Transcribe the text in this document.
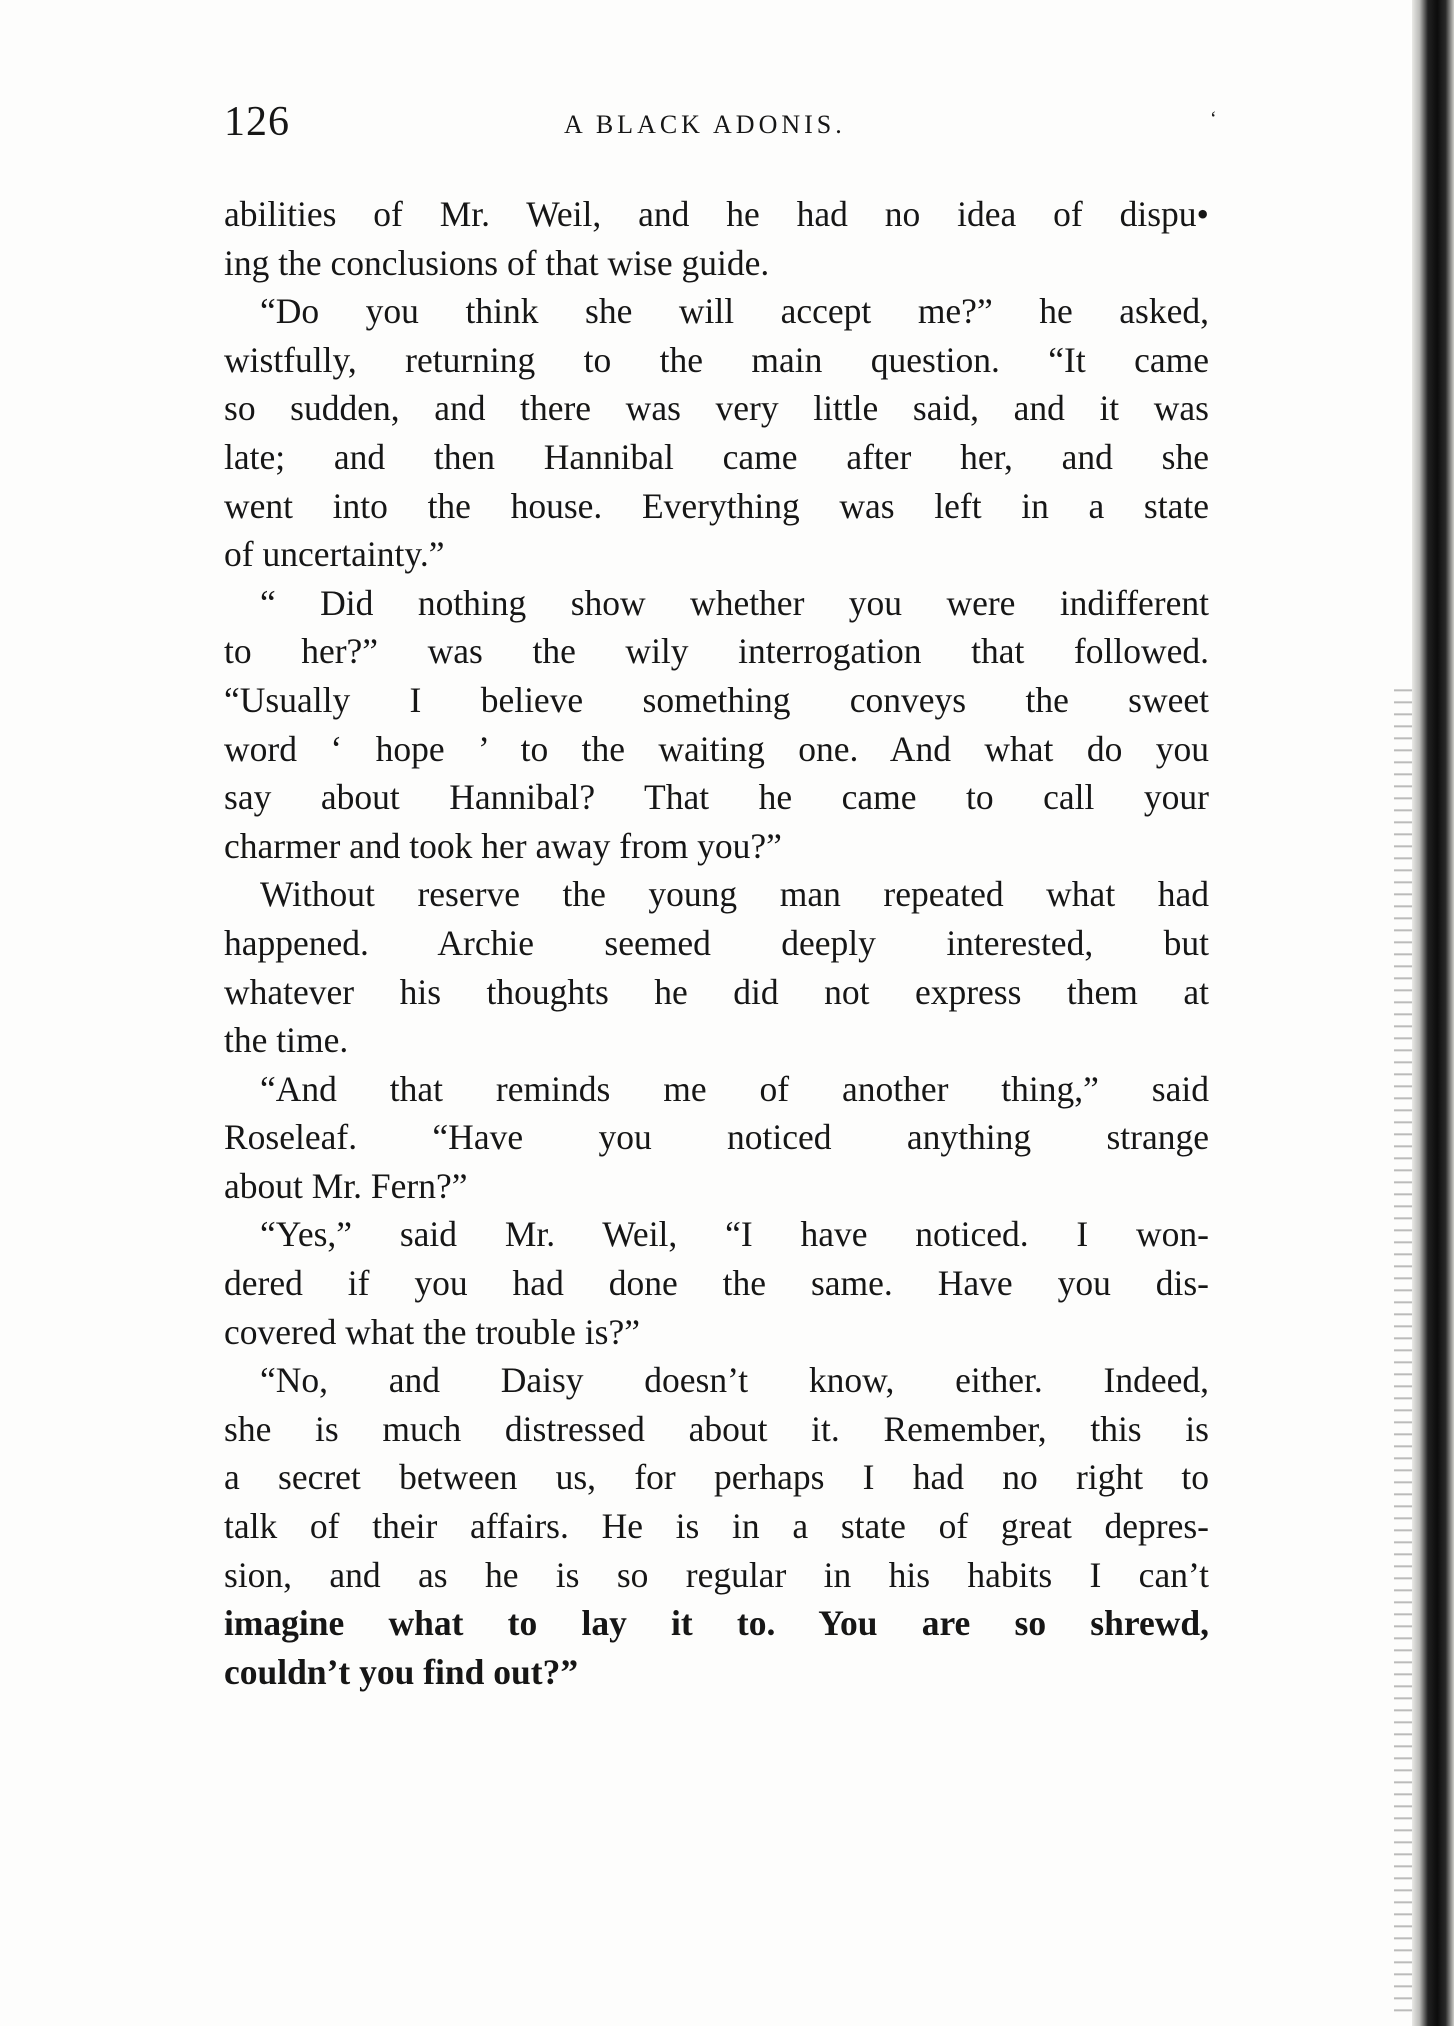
126	A BLACK ADONIS.	‘
abilities of Mr. Weil, and he had no idea of dispu•
ing the conclusions of that wise guide.
“Do you think she will accept me?” he asked,
wistfully, returning to the main question. “It came
so sudden, and there was very little said, and it was
late; and then Hannibal came after her, and she
went into the house. Everything was left in a state
of uncertainty.”
“ Did nothing show whether you were indifferent
to her?” was the wily interrogation that followed.
“Usually I believe something conveys the sweet
word ‘ hope ’ to the waiting one. And what do you
say about Hannibal? That he came to call your
charmer and took her away from you?”
Without reserve the young man repeated what had
happened. Archie seemed deeply interested, but
whatever his thoughts he did not express them at
the time.
“And that reminds me of another thing,” said
Roseleaf. “Have you noticed anything strange
about Mr. Fern?”
“Yes,” said Mr. Weil, “I have noticed. I won-
dered if you had done the same. Have you dis-
covered what the trouble is?”
“No, and Daisy doesn’t know, either. Indeed,
she is much distressed about it. Remember, this is
a secret between us, for perhaps I had no right to
talk of their affairs. He is in a state of great depres-
sion, and as he is so regular in his habits I can’t
imagine what to lay it to. You are so shrewd,
couldn’t you find out?”
